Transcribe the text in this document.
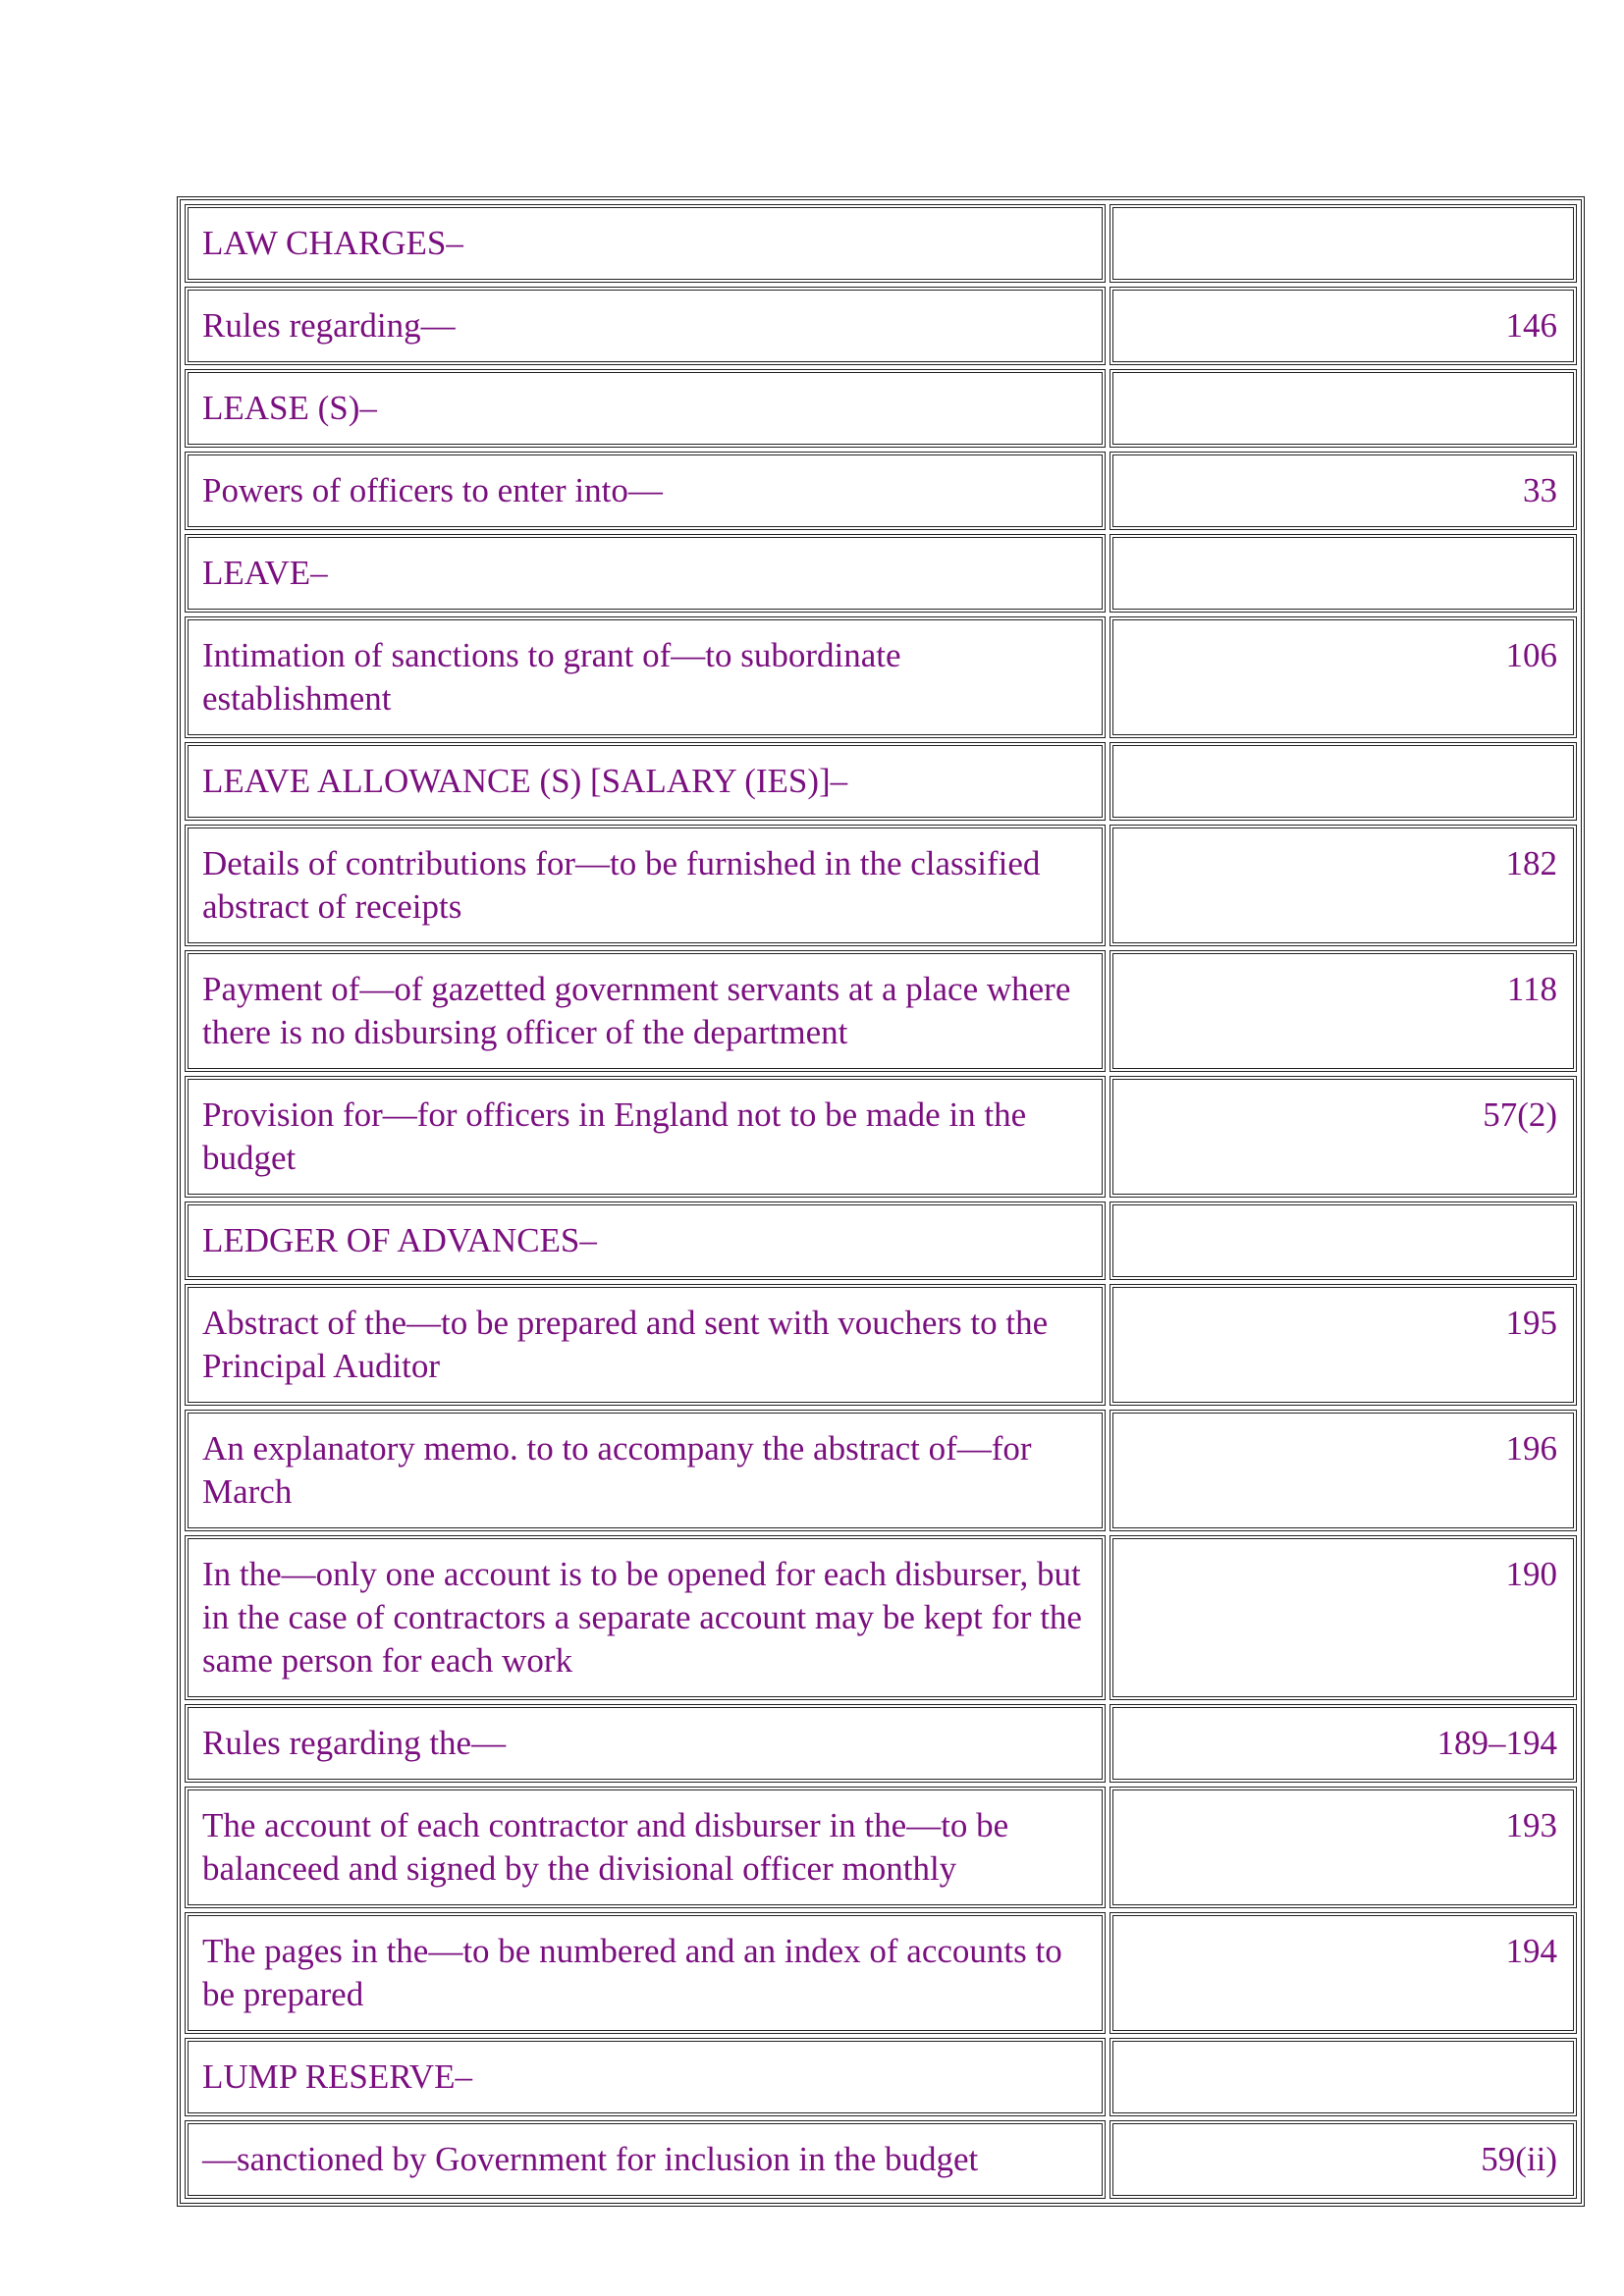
LAW CHARGES–	
Rules regarding—	146
LEASE (S)–	
Powers of officers to enter into—	33
LEAVE–	
Intimation of sanctions to grant of—to subordinate establishment	106
LEAVE ALLOWANCE (S) [SALARY (IES)]–	
Details of contributions for—to be furnished in the classified abstract of receipts	182
Payment of—of gazetted government servants at a place where there is no disbursing officer of the department	118
Provision for—for officers in England not to be made in the budget	57(2)
LEDGER OF ADVANCES–	
Abstract of the—to be prepared and sent with vouchers to the Principal Auditor	195
An explanatory memo. to to accompany the abstract of—for March	196
In the—only one account is to be opened for each disburser, but in the case of contractors a separate account may be kept for the same person for each work	190
Rules regarding the—	189–194
The account of each contractor and disburser in the—to be balanceed and signed by the divisional officer monthly	193
The pages in the—to be numbered and an index of accounts to be prepared	194
LUMP RESERVE–	
—sanctioned by Government for inclusion in the budget	59(ii)
